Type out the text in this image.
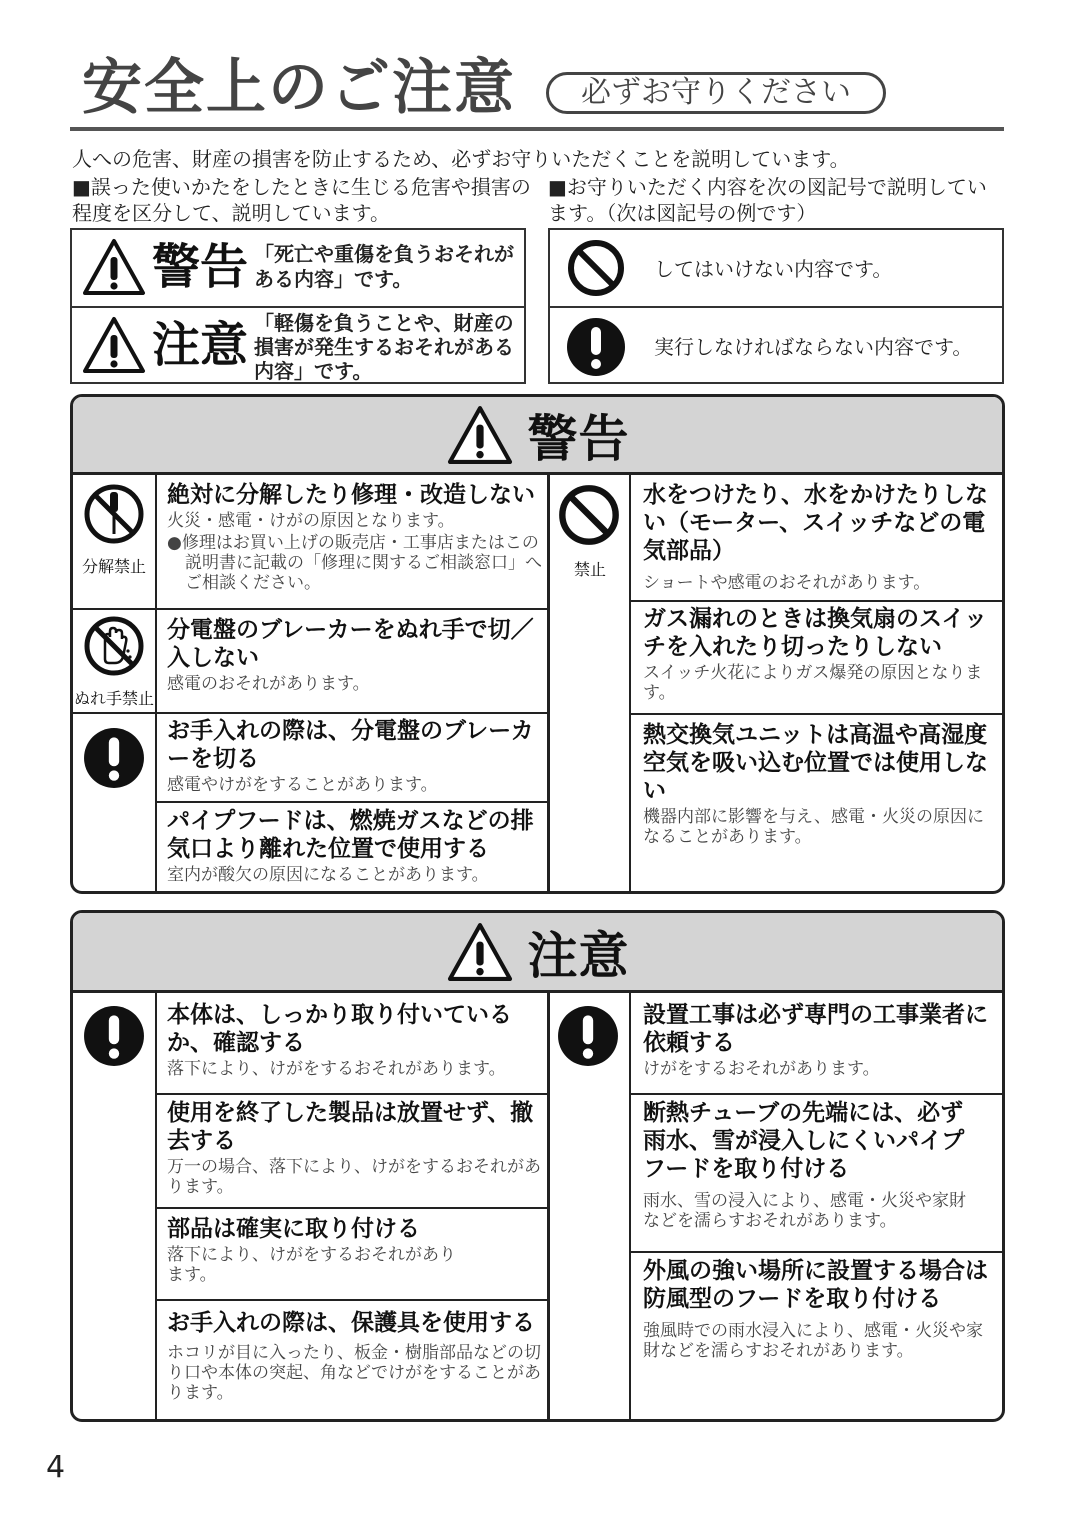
安全上のご注意	必ずお守りください
人への危害、財産の損害を防止するため、必ずお守りいただくことを説明しています。
■誤った使いかたをしたときに生じる危害や損害の程度を区分して、説明しています。
■お守りいただく内容を次の図記号で説明しています。（次は図記号の例です）
警告 「死亡や重傷を負うおそれがある内容」です。
注意 「軽傷を負うことや、財産の損害が発生するおそれがある内容」です。
してはいけない内容です。
実行しなければならない内容です。
警告
分解禁止
ぬれ手禁止
禁止
絶対に分解したり修理・改造しない
火災・感電・けがの原因となります。
●修理はお買い上げの販売店・工事店またはこの説明書に記載の「修理に関するご相談窓口」へご相談ください。
分電盤のブレーカーをぬれ手で切／入しない
感電のおそれがあります。
お手入れの際は、分電盤のブレーカーを切る
感電やけがをすることがあります。
パイプフードは、燃焼ガスなどの排気口より離れた位置で使用する
室内が酸欠の原因になることがあります。
水をつけたり、水をかけたりしない（モーター、スイッチなどの電気部品）
ショートや感電のおそれがあります。
ガス漏れのときは換気扇のスイッチを入れたり切ったりしない
スイッチ火花によりガス爆発の原因となります。
熱交換気ユニットは高温や高湿度空気を吸い込む位置では使用しない
機器内部に影響を与え、感電・火災の原因になることがあります。
注意
本体は、しっかり取り付いているか、確認する
落下により、けがをするおそれがあります。
使用を終了した製品は放置せず、撤去する
万一の場合、落下により、けがをするおそれがあります。
部品は確実に取り付ける
落下により、けがをするおそれがあります。
お手入れの際は、保護具を使用する
ホコリが目に入ったり、板金・樹脂部品などの切り口や本体の突起、角などでけがをすることがあります。
設置工事は必ず専門の工事業者に依頼する
けがをするおそれがあります。
断熱チューブの先端には、必ず雨水、雪が浸入しにくいパイプフードを取り付ける
雨水、雪の浸入により、感電・火災や家財などを濡らすおそれがあります。
外風の強い場所に設置する場合は防風型のフードを取り付ける
強風時での雨水浸入により、感電・火災や家財などを濡らすおそれがあります。
4
